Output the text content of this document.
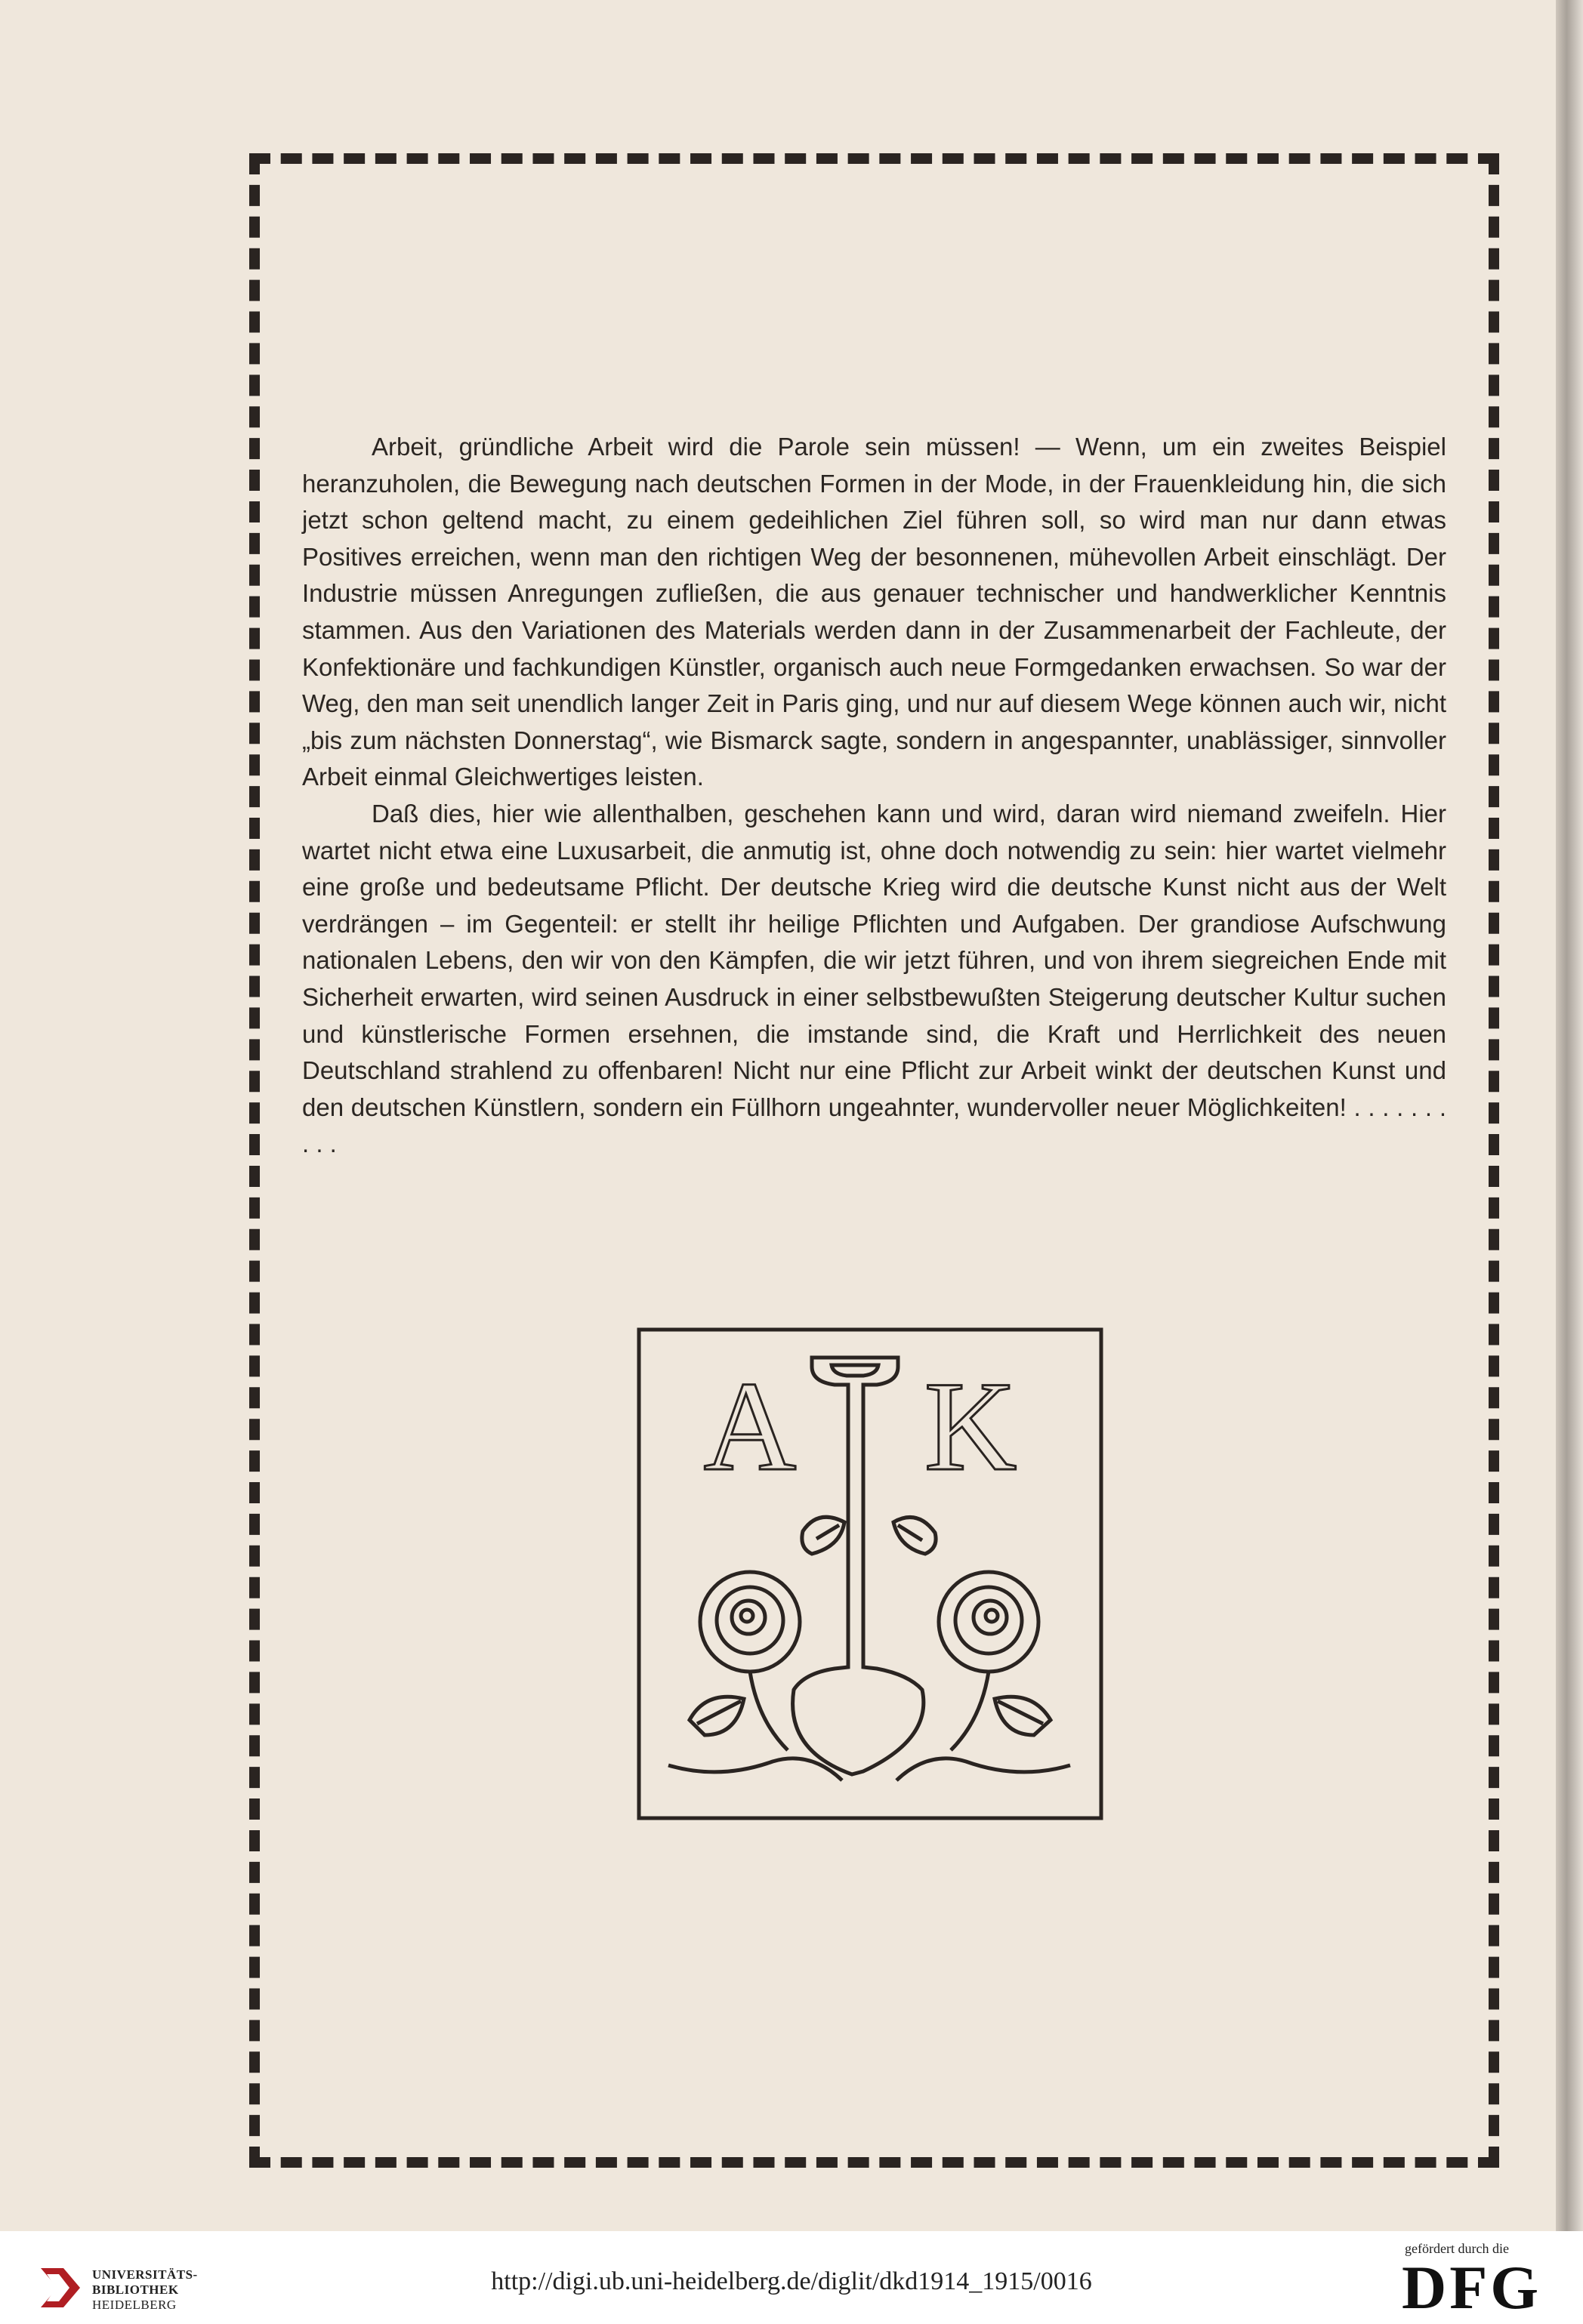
Arbeit, gründliche Arbeit wird die Parole sein müssen! — Wenn, um ein zweites Beispiel heranzuholen, die Bewegung nach deutschen Formen in der Mode, in der Frauenkleidung hin, die sich jetzt schon geltend macht, zu einem gedeihlichen Ziel führen soll, so wird man nur dann etwas Positives erreichen, wenn man den richtigen Weg der besonnenen, mühevollen Arbeit einschlägt. Der Industrie müssen Anregungen zufließen, die aus genauer technischer und handwerklicher Kenntnis stammen. Aus den Variationen des Materials werden dann in der Zusammenarbeit der Fachleute, der Konfektionäre und fachkundigen Künstler, organisch auch neue Formgedanken erwachsen. So war der Weg, den man seit unendlich langer Zeit in Paris ging, und nur auf diesem Wege können auch wir, nicht „bis zum nächsten Donnerstag“, wie Bismarck sagte, sondern in angespannter, unablässiger, sinnvoller Arbeit einmal Gleichwertiges leisten.

Daß dies, hier wie allenthalben, geschehen kann und wird, daran wird niemand zweifeln. Hier wartet nicht etwa eine Luxusarbeit, die anmutig ist, ohne doch notwendig zu sein: hier wartet vielmehr eine große und bedeutsame Pflicht. Der deutsche Krieg wird die deutsche Kunst nicht aus der Welt verdrängen – im Gegenteil: er stellt ihr heilige Pflichten und Aufgaben. Der grandiose Aufschwung nationalen Lebens, den wir von den Kämpfen, die wir jetzt führen, und von ihrem siegreichen Ende mit Sicherheit erwarten, wird seinen Ausdruck in einer selbstbewußten Steigerung deutscher Kultur suchen und künstlerische Formen ersehnen, die imstande sind, die Kraft und Herrlichkeit des neuen Deutschland strahlend zu offenbaren! Nicht nur eine Pflicht zur Arbeit winkt der deutschen Kunst und den deutschen Künstlern, sondern ein Füllhorn ungeahnter, wundervoller neuer Möglichkeiten! . . . . . . . . . .

A K
UNIVERSITÄTS-
BIBLIOTHEK
HEIDELBERG
http://digi.ub.uni-heidelberg.de/diglit/dkd1914_1915/0016
gefördert durch die
DFG
